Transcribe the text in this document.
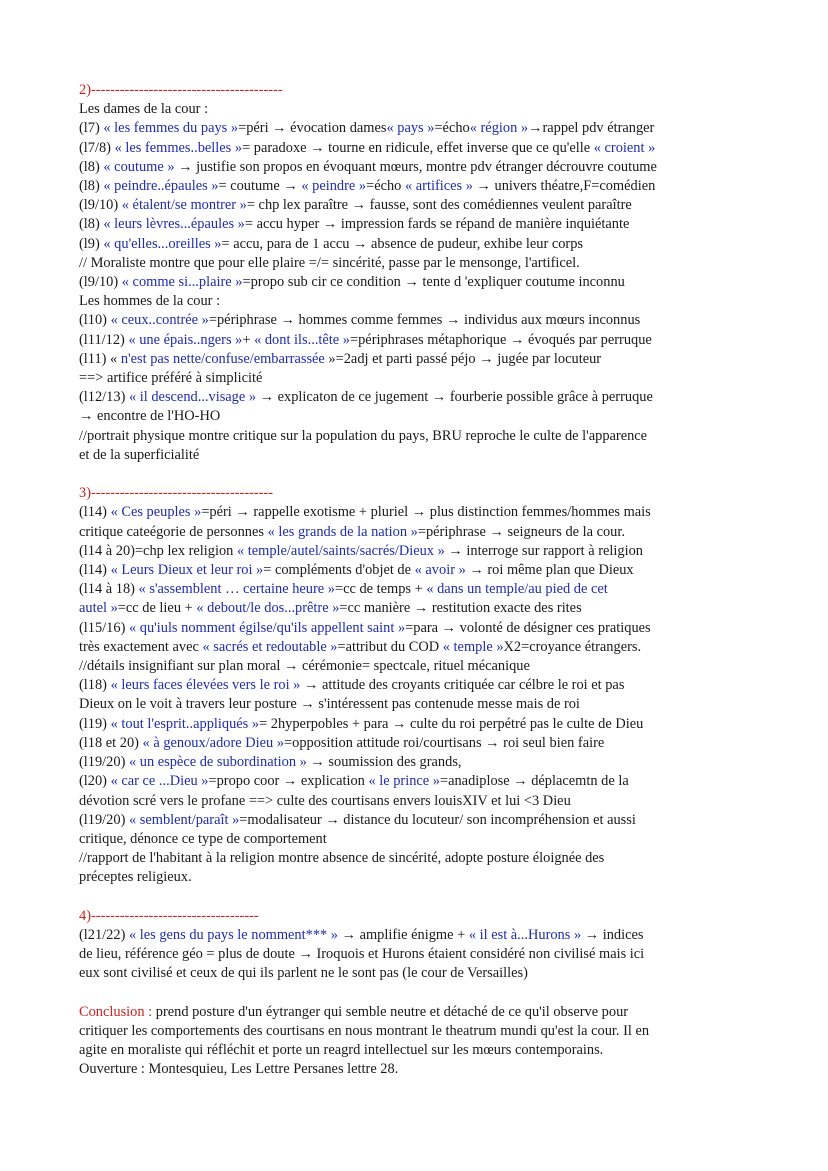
2)----------------------------------------
Les dames de la cour :
(l7) « les femmes du pays »=péri → évocation dames« pays »=écho« région »→rappel pdv étranger
(l7/8) « les femmes..belles »= paradoxe → tourne en ridicule, effet inverse que ce qu'elle « croient »
(l8) « coutume » → justifie son propos en évoquant mœurs, montre pdv étranger décrouvre coutume
(l8) « peindre..épaules »= coutume → « peindre »=écho « artifices » → univers théatre,F=comédien
(l9/10) « étalent/se montrer »= chp lex paraître → fausse, sont des comédiennes veulent paraître
(l8) « leurs lèvres...épaules »= accu hyper → impression fards se répand de manière inquiétante
(l9) « qu'elles...oreilles »= accu, para de 1 accu → absence de pudeur, exhibe leur corps
// Moraliste montre que pour elle plaire =/= sincérité, passe par le mensonge, l'artificel.
(l9/10) « comme si...plaire »=propo sub cir ce condition → tente d 'expliquer coutume inconnu
Les hommes de la cour :
(l10) « ceux..contrée »=périphrase → hommes comme femmes → individus aux mœurs inconnus
(l11/12) « une épais..ngers »+ « dont ils...tête »=périphrases métaphorique → évoqués par perruque
(l11) « n'est pas nette/confuse/embarrassée »=2adj et parti passé péjo → jugée par locuteur
==> artifice préféré à simplicité
(l12/13) « il descend...visage » → explicaton de ce jugement → fourberie possible grâce à perruque
→ encontre de l'HO-HO
//portrait physique montre critique sur la population du pays, BRU reproche le culte de l'apparence
et de la superficialité
3)--------------------------------------
(l14) « Ces peuples »=péri → rappelle exotisme + pluriel → plus distinction femmes/hommes mais
critique cateégorie de personnes « les grands de la nation »=périphrase → seigneurs de la cour.
(l14 à 20)=chp lex religion « temple/autel/saints/sacrés/Dieux » → interroge sur rapport à religion
(l14) « Leurs Dieux et leur roi »= compléments d'objet de « avoir » → roi même plan que Dieux
(l14 à 18) « s'assemblent … certaine heure »=cc de temps + « dans un temple/au pied de cet
autel »=cc de lieu + « debout/le dos...prêtre »=cc manière → restitution exacte des rites
(l15/16) « qu'iuls nomment égilse/qu'ils appellent saint »=para → volonté de désigner ces pratiques
très exactement avec « sacrés et redoutable »=attribut du COD « temple »X2=croyance étrangers.
//détails insignifiant sur plan moral → cérémonie= spectcale, rituel mécanique
(l18) « leurs faces élevées vers le roi » → attitude des croyants critiquée car célbre le roi et pas
Dieux on le voit à travers leur posture → s'intéressent pas contenude messe mais de roi
(l19) « tout l'esprit..appliqués »= 2hyperpobles + para → culte du roi perpétré pas le culte de Dieu
(l18 et 20) « à genoux/adore Dieu »=opposition attitude roi/courtisans → roi seul bien faire
(l19/20) « un espèce de subordination » → soumission des grands,
(l20) « car ce ...Dieu »=propo coor → explication « le prince »=anadiplose → déplacemtn de la
dévotion scré vers le profane ==> culte des courtisans envers louisXIV et lui <3 Dieu
(l19/20) « semblent/paraît »=modalisateur → distance du locuteur/ son incompréhension et aussi
critique, dénonce ce type de comportement
//rapport de l'habitant à la religion montre absence de sincérité, adopte posture éloignée des
préceptes religieux.
4)-----------------------------------
(l21/22) « les gens du pays le nomment*** » → amplifie énigme + « il est à...Hurons » → indices
de lieu, référence géo = plus de doute → Iroquois et Hurons étaient considéré non civilisé mais ici
eux sont civilisé et ceux de qui ils parlent ne le sont pas (le cour de Versailles)
Conclusion : prend posture d'un éytranger qui semble neutre et détaché de ce qu'il observe pour
critiquer les comportements des courtisans en nous montrant le theatrum mundi qu'est la cour. Il en
agite en moraliste qui réfléchit et porte un reagrd intellectuel sur les mœurs contemporains.
Ouverture : Montesquieu, Les Lettre Persanes lettre 28.
